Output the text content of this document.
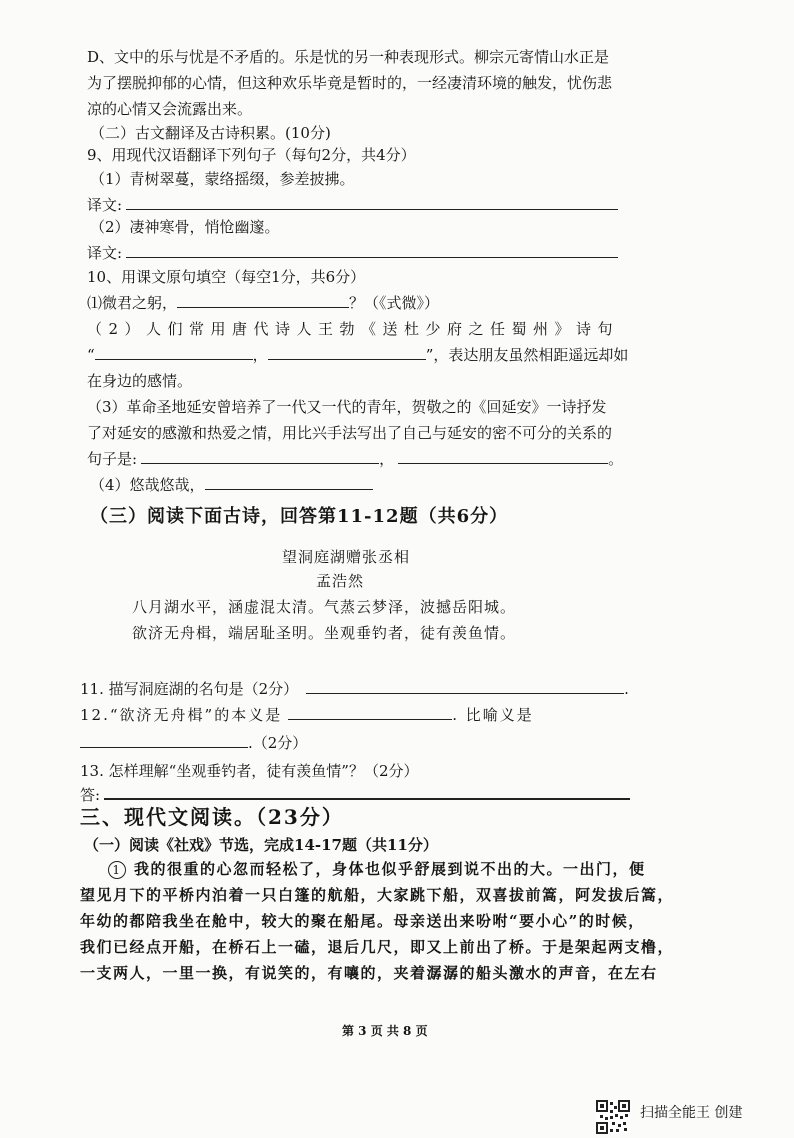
D、文中的乐与忧是不矛盾的。乐是忧的另一种表现形式。柳宗元寄情山水正是
为了摆脱抑郁的心情，但这种欢乐毕竟是暂时的，一经凄清环境的触发，忧伤悲
凉的心情又会流露出来。
（二）古文翻译及古诗积累。(10分)
9、用现代汉语翻译下列句子（每句2分，共4分）
（1）青树翠蔓，蒙络摇缀，参差披拂。
译文:
（2）凄神寒骨，悄怆幽邃。
译文:
10、用课文原句填空（每空1分，共6分）
⑴微君之躬，	？（《式微》）
（2）人们常用唐代诗人王勃《送杜少府之任蜀州》诗句
“	，	”，表达朋友虽然相距遥远却如
在身边的感情。
（3）革命圣地延安曾培养了一代又一代的青年，贺敬之的《回延安》一诗抒发
了对延安的感激和热爱之情，用比兴手法写出了自己与延安的密不可分的关系的
句子是:	，	。
（4）悠哉悠哉，
（三）阅读下面古诗，回答第11-12题（共6分）
望洞庭湖赠张丞相
孟浩然
八月湖水平，涵虚混太清。气蒸云梦泽，波撼岳阳城。
欲济无舟楫，端居耻圣明。坐观垂钓者，徒有羡鱼情。
11. 描写洞庭湖的名句是（2分）	.
12.“欲济无舟楫”的本义是	. 比喻义是
.（2分）
13. 怎样理解“坐观垂钓者，徒有羡鱼情”？（2分）
答:
三、现代文阅读。（23分）
（一）阅读《社戏》节选，完成14-17题（共11分）
1 我的很重的心忽而轻松了，身体也似乎舒展到说不出的大。一出门，便
望见月下的平桥内泊着一只白篷的航船，大家跳下船，双喜拔前篙，阿发拔后篙，
年幼的都陪我坐在舱中，较大的聚在船尾。母亲送出来吩咐“要小心”的时候，
我们已经点开船，在桥石上一磕，退后几尺，即又上前出了桥。于是架起两支橹，
一支两人，一里一换，有说笑的，有嚷的，夹着潺潺的船头激水的声音，在左右
第 3 页 共 8 页
扫描全能王 创建
